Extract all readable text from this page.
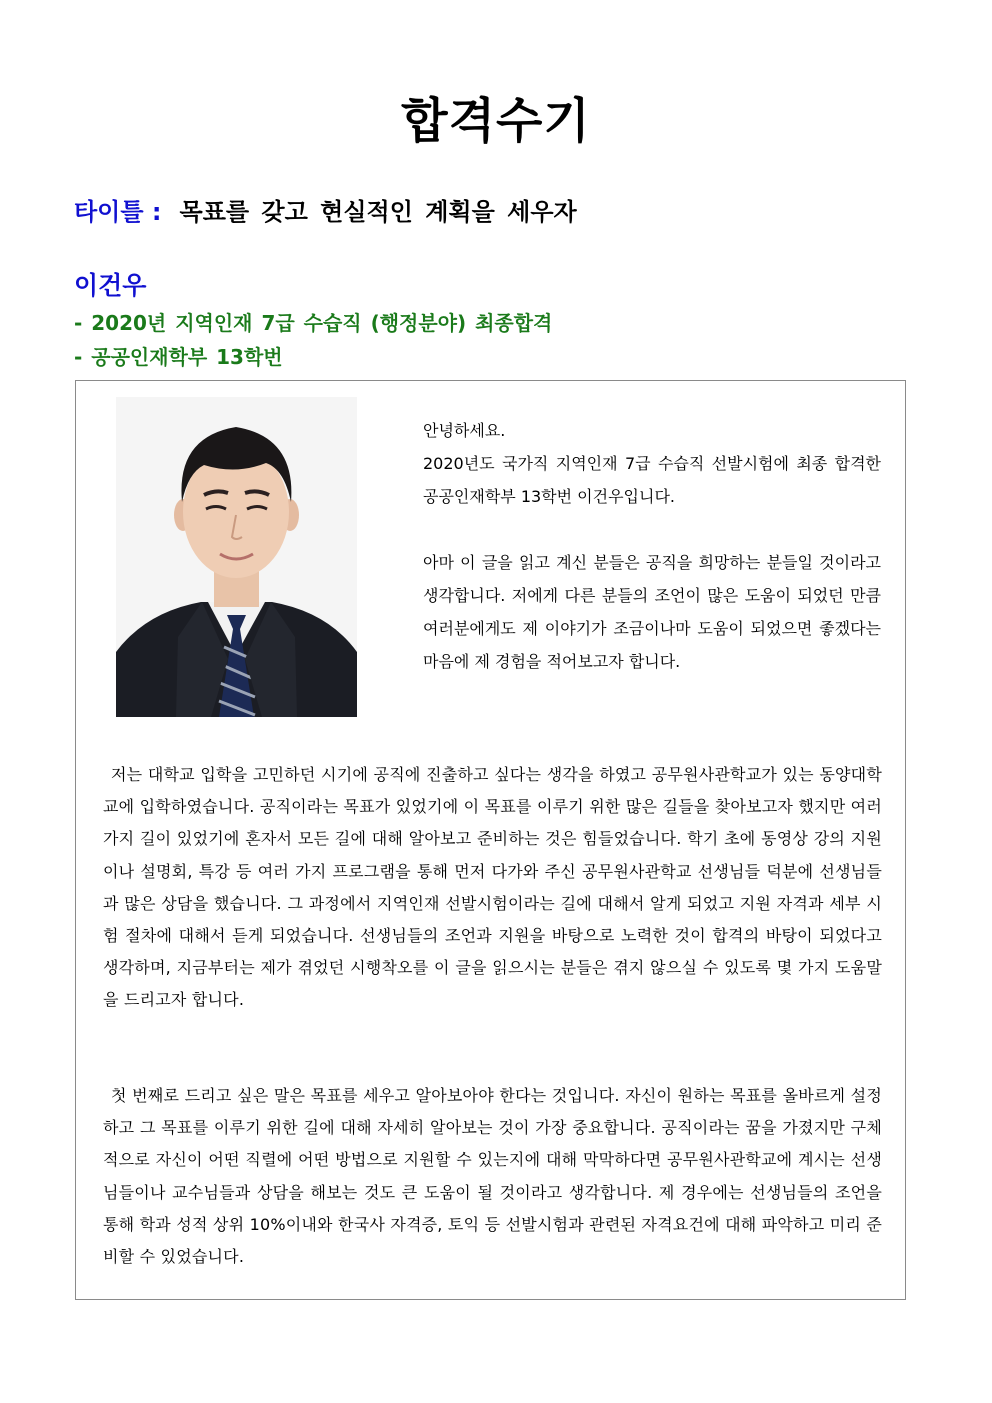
합격수기
타이틀 : 목표를 갖고 현실적인 계획을 세우자
이건우
- 2020년 지역인재 7급 수습직 (행정분야) 최종합격
- 공공인재학부 13학번

안녕하세요.

2020년도 국가직 지역인재 7급 수습직 선발시험에 최종 합격한 공공인재학부 13학번 이건우입니다.

아마 이 글을 읽고 계신 분들은 공직을 희망하는 분들일 것이라고 생각합니다. 저에게 다른 분들의 조언이 많은 도움이 되었던 만큼 여러분에게도 제 이야기가 조금이나마 도움이 되었으면 좋겠다는 마음에 제 경험을 적어보고자 합니다.

저는 대학교 입학을 고민하던 시기에 공직에 진출하고 싶다는 생각을 하였고 공무원사관학교가 있는 동양대학교에 입학하였습니다. 공직이라는 목표가 있었기에 이 목표를 이루기 위한 많은 길들을 찾아보고자 했지만 여러 가지 길이 있었기에 혼자서 모든 길에 대해 알아보고 준비하는 것은 힘들었습니다. 학기 초에 동영상 강의 지원이나 설명회, 특강 등 여러 가지 프로그램을 통해 먼저 다가와 주신 공무원사관학교 선생님들 덕분에 선생님들과 많은 상담을 했습니다. 그 과정에서 지역인재 선발시험이라는 길에 대해서 알게 되었고 지원 자격과 세부 시험 절차에 대해서 듣게 되었습니다. 선생님들의 조언과 지원을 바탕으로 노력한 것이 합격의 바탕이 되었다고 생각하며, 지금부터는 제가 겪었던 시행착오를 이 글을 읽으시는 분들은 겪지 않으실 수 있도록 몇 가지 도움말을 드리고자 합니다.

첫 번째로 드리고 싶은 말은 목표를 세우고 알아보아야 한다는 것입니다. 자신이 원하는 목표를 올바르게 설정하고 그 목표를 이루기 위한 길에 대해 자세히 알아보는 것이 가장 중요합니다. 공직이라는 꿈을 가졌지만 구체적으로 자신이 어떤 직렬에 어떤 방법으로 지원할 수 있는지에 대해 막막하다면 공무원사관학교에 계시는 선생님들이나 교수님들과 상담을 해보는 것도 큰 도움이 될 것이라고 생각합니다. 제 경우에는 선생님들의 조언을 통해 학과 성적 상위 10%이내와 한국사 자격증, 토익 등 선발시험과 관련된 자격요건에 대해 파악하고 미리 준비할 수 있었습니다.
